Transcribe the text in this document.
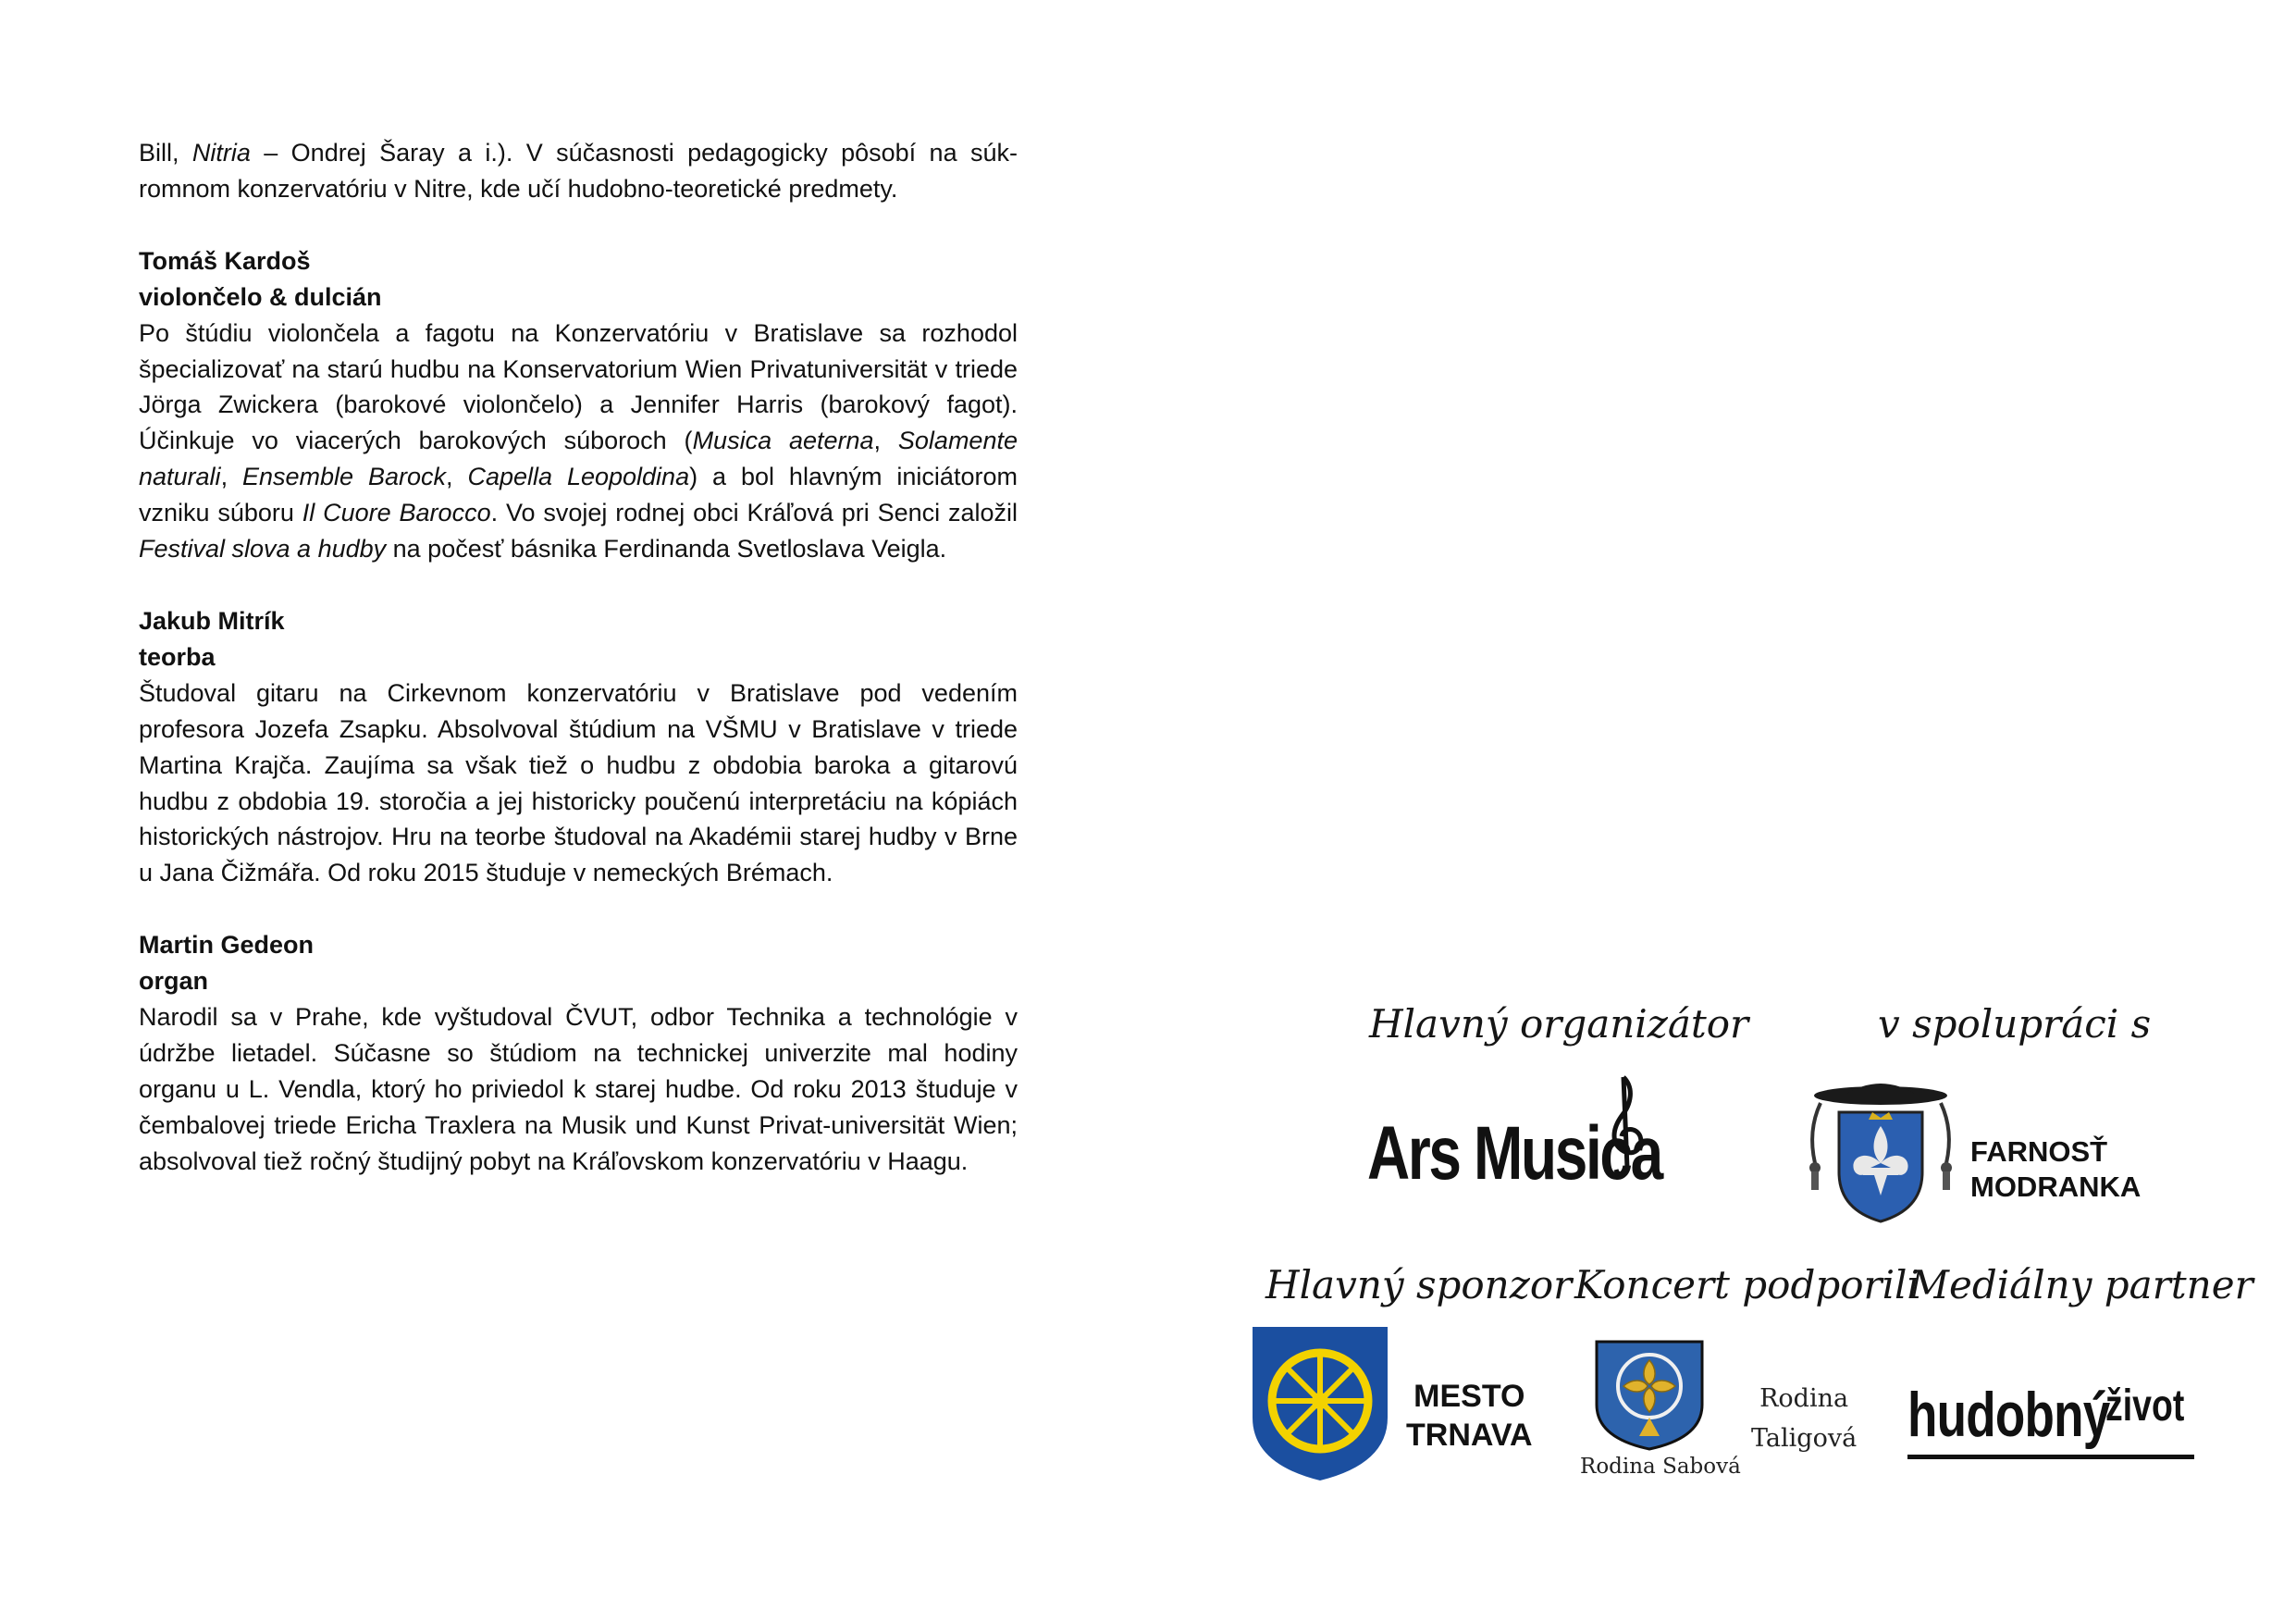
Bill, Nitria – Ondrej Šaray a i.). V súčasnosti pedagogicky pôsobí na súkromnom konzervatóriu v Nitre, kde učí hudobno-teoretické predmety.

Tomáš Kardoš
violončelo & dulcián

Po štúdiu violončela a fagotu na Konzervatóriu v Bratislave sa rozhodol špecializovať na starú hudbu na Konservatorium Wien Privatuniversität v triede Jörga Zwickera (barokové violončelo) a Jennifer Harris (barokový fagot). Účinkuje vo viacerých barokových súboroch (Musica aeterna, Solamente naturali, Ensemble Barock, Capella Leopoldina) a bol hlavným iniciátorom vzniku súboru Il Cuore Barocco. Vo svojej rodnej obci Kráľová pri Senci založil Festival slova a hudby na počesť básnika Ferdinanda Svetloslava Veigla.

Jakub Mitrík
teorba

Študoval gitaru na Cirkevnom konzervatóriu v Bratislave pod vedením profesora Jozefa Zsapku. Absolvoval štúdium na VŠMU v Bratislave v triede Martina Krajča. Zaujíma sa však tiež o hudbu z obdobia baroka a gitarovú hudbu z obdobia 19. storočia a jej historicky poučenú interpretáciu na kópiách historických nástrojov. Hru na teorbe študoval na Akadémii starej hudby v Brne u Jana Čižmářa. Od roku 2015 študuje v nemeckých Brémach.

Martin Gedeon
organ

Narodil sa v Prahe, kde vyštudoval ČVUT, odbor Technika a technológie v údržbe lietadel. Súčasne so štúdiom na technickej univerzite mal hodiny organu u L. Vendla, ktorý ho priviedol k starej hudbe. Od roku 2013 študuje v čembalovej triede Ericha Traxlera na Musik und Kunst Privat-universität Wien; absolvoval tiež ročný študijný pobyt na Kráľovskom konzervatóriu v Haagu.

Hlavný organizátor	v spolupráci s
Ars Musica	FARNOSŤ
MODRANKA
Hlavný sponzor Koncert podporili
Mediálny partner
MESTO
TRNAVA
Rodina Sabová
Rodina
Taligová hudobný
život
